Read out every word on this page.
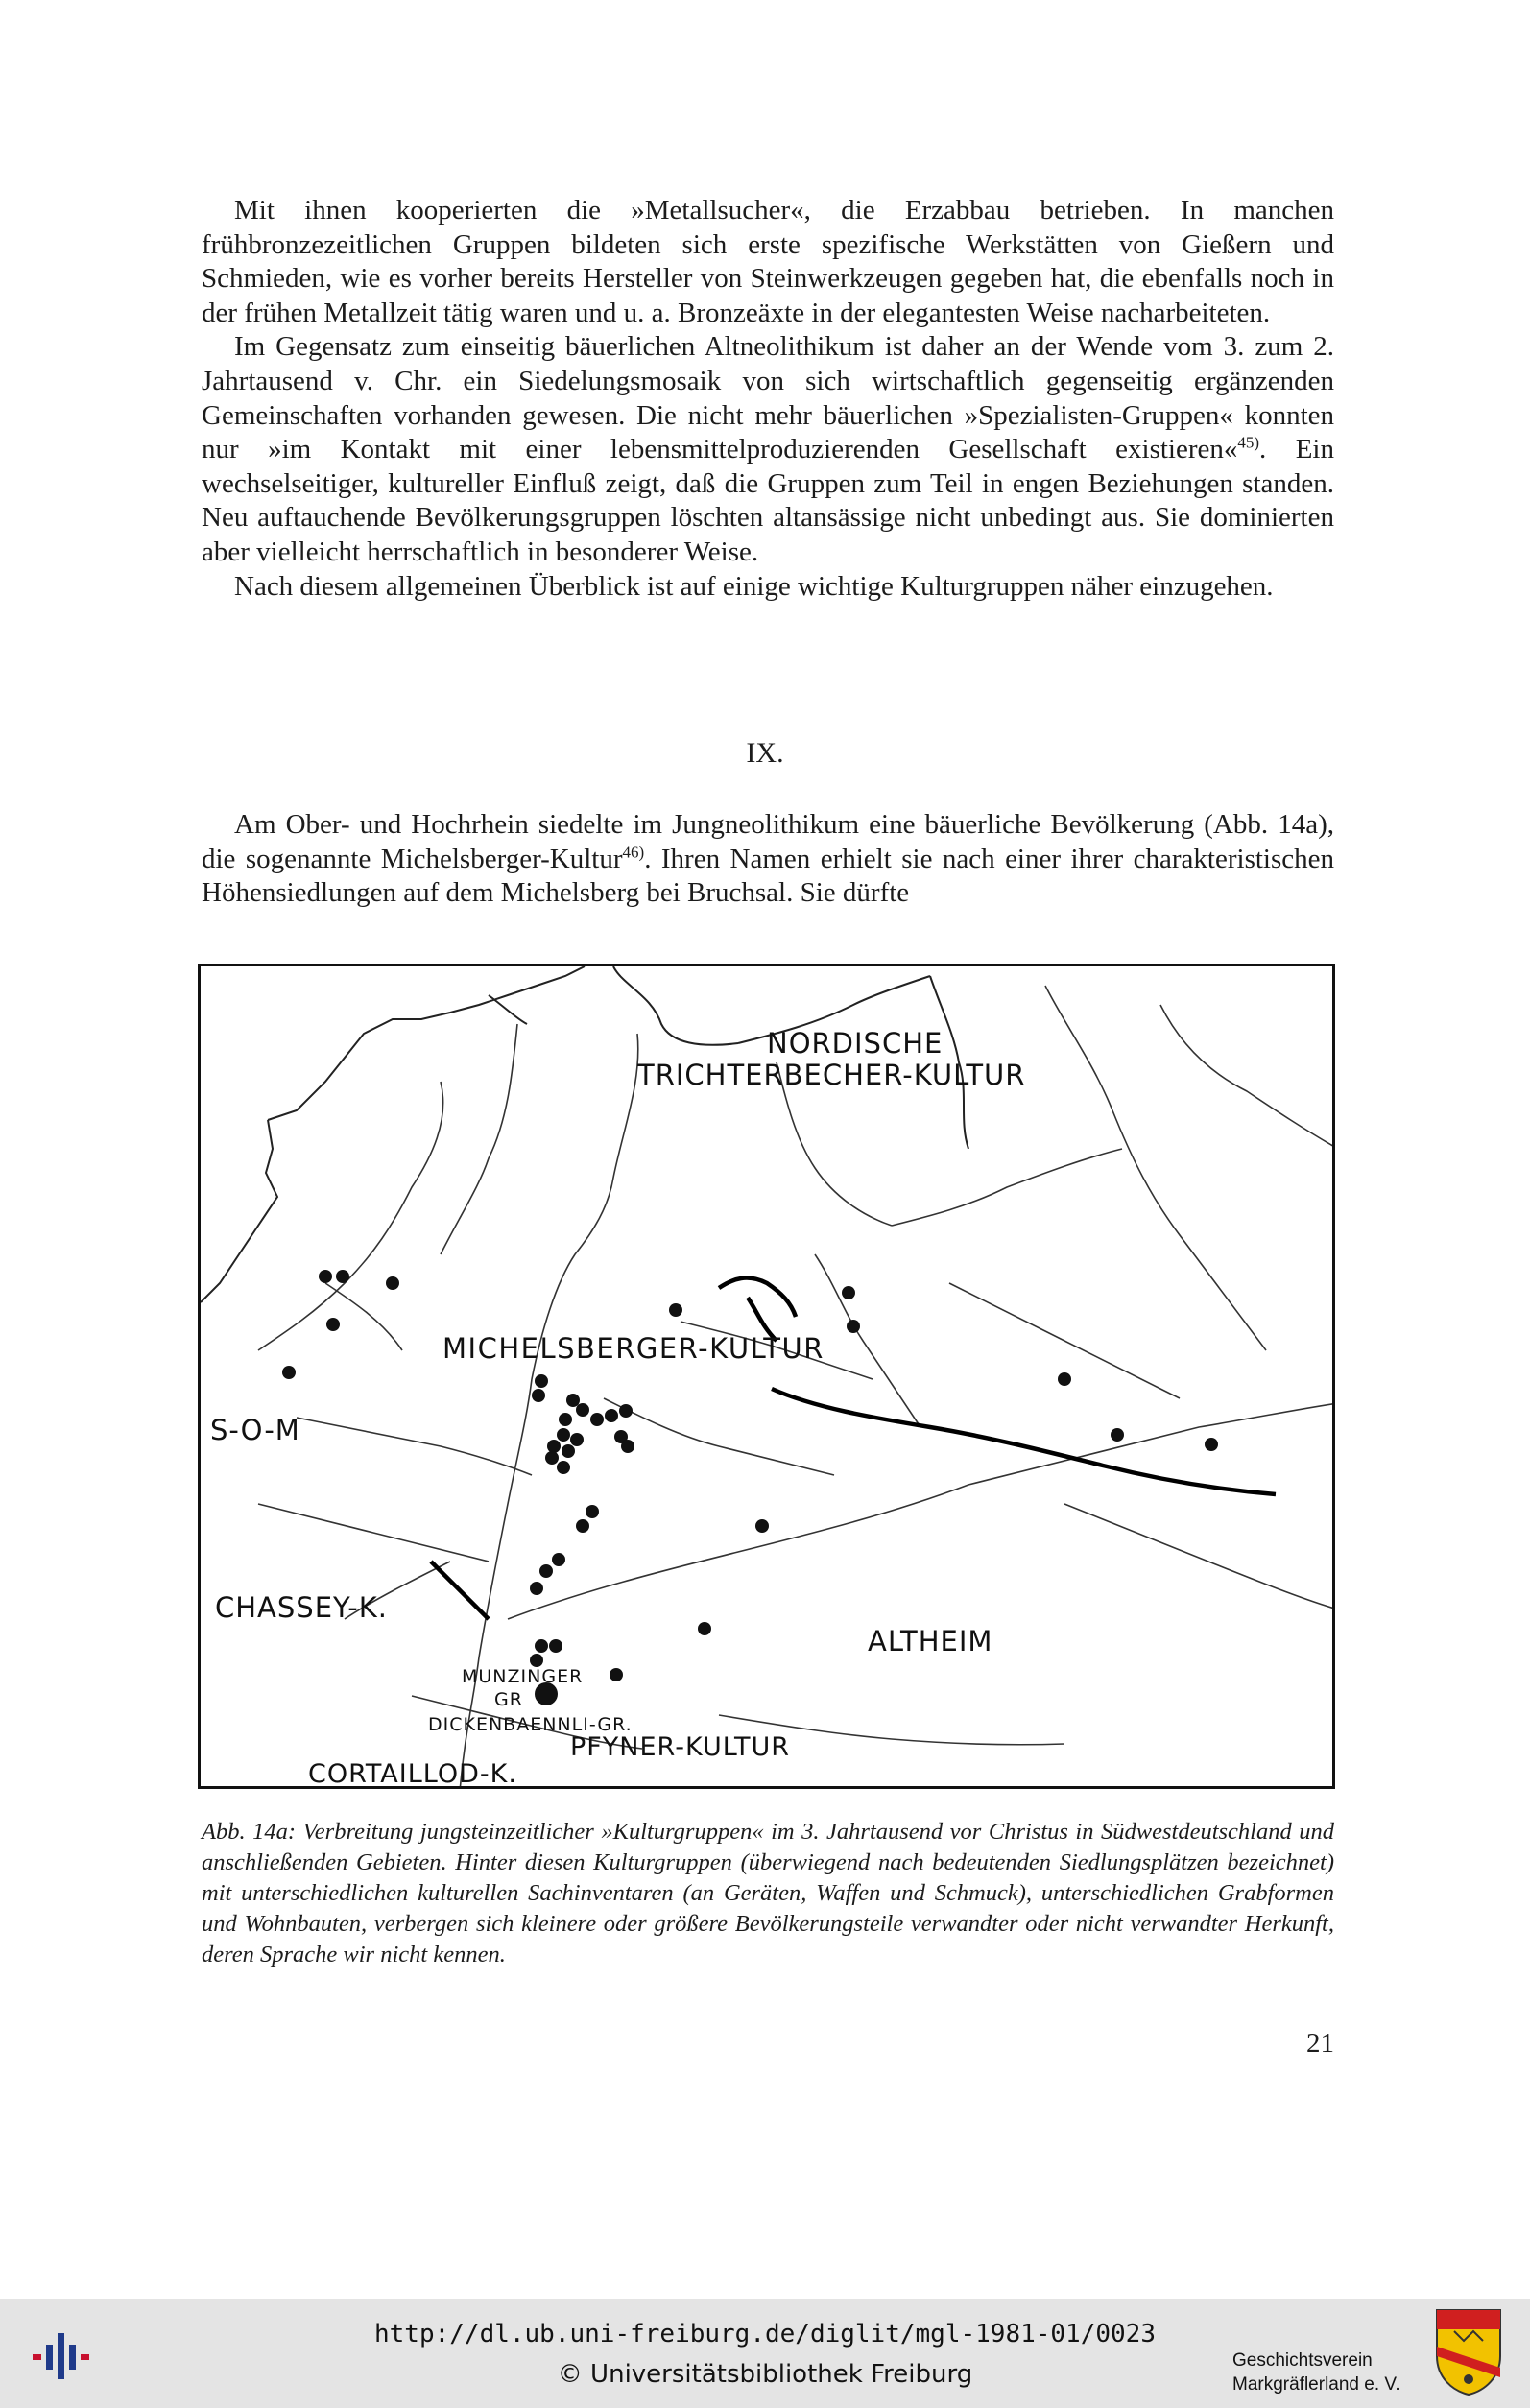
Mit ihnen kooperierten die »Metallsucher«, die Erzabbau betrieben. In manchen frühbronzezeitlichen Gruppen bildeten sich erste spezifische Werkstätten von Gießern und Schmieden, wie es vorher bereits Hersteller von Steinwerkzeugen gegeben hat, die ebenfalls noch in der frühen Metallzeit tätig waren und u. a. Bronzeäxte in der elegantesten Weise nacharbeiteten.

Im Gegensatz zum einseitig bäuerlichen Altneolithikum ist daher an der Wende vom 3. zum 2. Jahrtausend v. Chr. ein Siedelungsmosaik von sich wirtschaftlich gegenseitig ergänzenden Gemeinschaften vorhanden gewesen. Die nicht mehr bäuerlichen »Spezialisten-Gruppen« konnten nur »im Kontakt mit einer lebensmittelproduzierenden Gesellschaft existieren«$^{45)}$. Ein wechselseitiger, kultureller Einfluß zeigt, daß die Gruppen zum Teil in engen Beziehungen standen. Neu auftauchende Bevölkerungsgruppen löschten altansässige nicht unbedingt aus. Sie dominierten aber vielleicht herrschaftlich in besonderer Weise.

Nach diesem allgemeinen Überblick ist auf einige wichtige Kulturgruppen näher einzugehen.

IX.

Am Ober- und Hochrhein siedelte im Jungneolithikum eine bäuerliche Bevölkerung (Abb. 14a), die sogenannte Michelsberger-Kultur$^{46)}$. Ihren Namen erhielt sie nach einer ihrer charakteristischen Höhensiedlungen auf dem Michelsberg bei Bruchsal. Sie dürfte

NORDISCHE
TRICHTERBECHER-KULTUR
MICHELSBERGER-KULTUR
S-O-M
CHASSEY-K.
ALTHEIM
MUNZINGER
GR
DICKENBAENNLI-GR.
PFYNER-KULTUR
CORTAILLOD-K.
Abb. 14a: Verbreitung jungsteinzeitlicher »Kulturgruppen« im 3. Jahrtausend vor Christus in Südwestdeutschland und anschließenden Gebieten. Hinter diesen Kulturgruppen (überwiegend nach bedeutenden Siedlungsplätzen bezeichnet) mit unterschiedlichen kulturellen Sachinventaren (an Geräten, Waffen und Schmuck), unterschiedlichen Grabformen und Wohnbauten, verbergen sich kleinere oder größere Bevölkerungsteile verwandter oder nicht verwandter Herkunft, deren Sprache wir nicht kennen.
21
http://dl.ub.uni-freiburg.de/diglit/mgl-1981-01/0023
© Universitätsbibliothek Freiburg	Geschichtsverein
Markgräflerland e. V.
